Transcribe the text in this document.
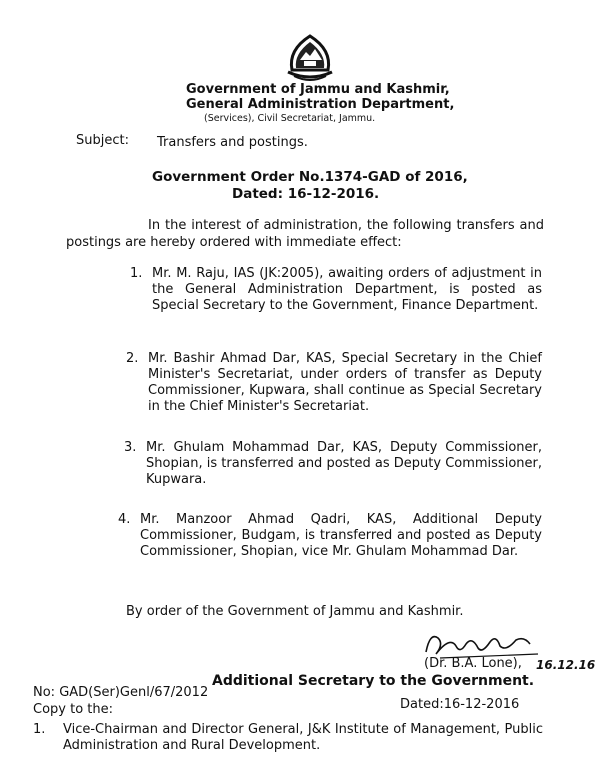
Government of Jammu and Kashmir,
General Administration Department,
(Services), Civil Secretariat, Jammu.
Subject: Transfers and postings.
Government Order No.1374-GAD of 2016,
Dated: 16-12-2016.
In the interest of administration, the following transfers and postings are hereby ordered with immediate effect:
1. Mr. M. Raju, IAS (JK:2005), awaiting orders of adjustment in the General Administration Department, is posted as Special Secretary to the Government, Finance Department.
2. Mr. Bashir Ahmad Dar, KAS, Special Secretary in the Chief Minister's Secretariat, under orders of transfer as Deputy Commissioner, Kupwara, shall continue as Special Secretary in the Chief Minister's Secretariat.
3. Mr. Ghulam Mohammad Dar, KAS, Deputy Commissioner, Shopian, is transferred and posted as Deputy Commissioner, Kupwara.
4. Mr. Manzoor Ahmad Qadri, KAS, Additional Deputy Commissioner, Budgam, is transferred and posted as Deputy Commissioner, Shopian, vice Mr. Ghulam Mohammad Dar.
By order of the Government of Jammu and Kashmir.
(Dr. B.A. Lone), 16.12.16
Additional Secretary to the Government.
No: GAD(Ser)Genl/67/2012
Dated:16-12-2016
Copy to the:
1. Vice-Chairman and Director General, J&K Institute of Management, Public Administration and Rural Development.
